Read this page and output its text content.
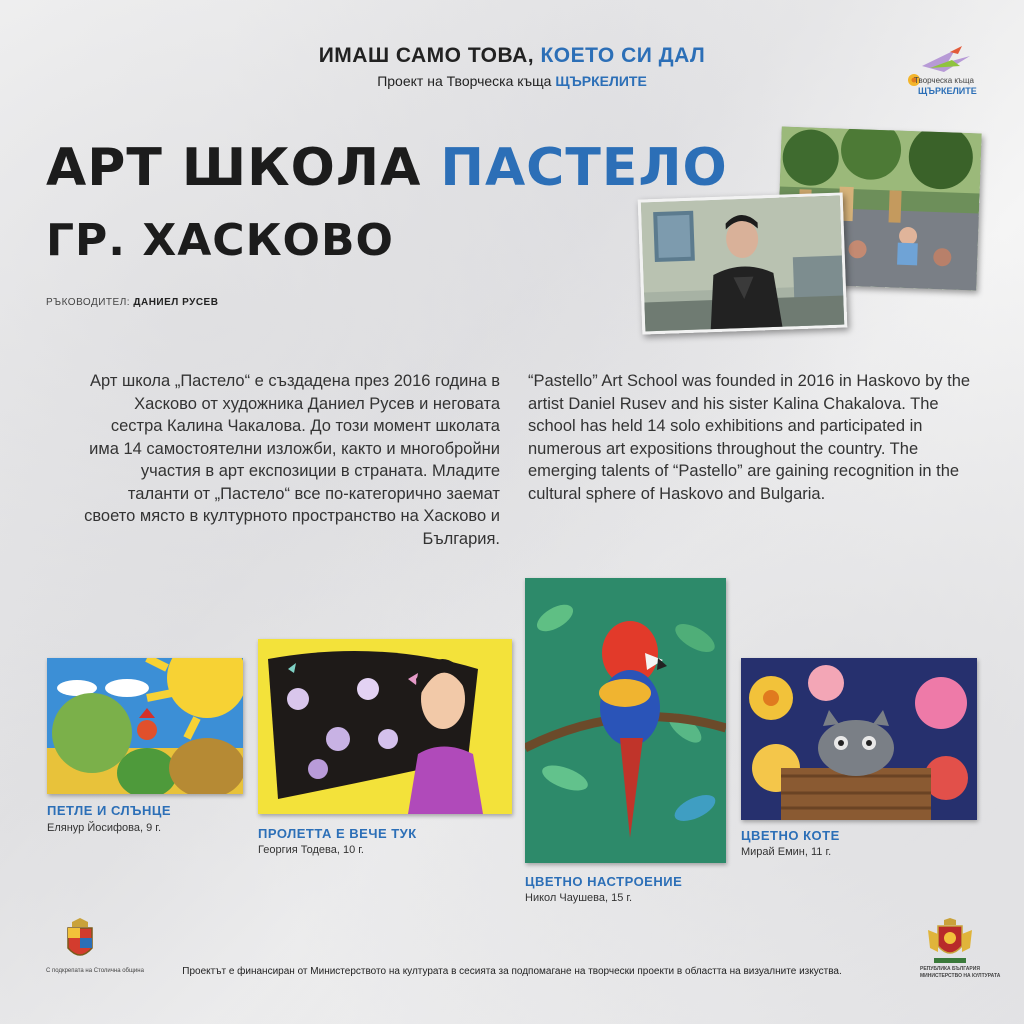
ИМАШ САМО ТОВА, КОЕТО СИ ДАЛ
Проект на Творческа къща ЩЪРКЕЛИТЕ	Творческа къща
ЩЪРКЕЛИТЕ
АРТ ШКОЛА ПАСТЕЛО
ГР. ХАСКОВО
РЪКОВОДИТЕЛ: ДАНИЕЛ РУСЕВ
Арт школа „Пастело“ е създадена през 2016 година в Хасково от художника Даниел Русев и неговата сестра Калина Чакалова. До този момент школата има 14 самостоятелни изложби, както и многобройни участия в арт експозиции в страната. Младите таланти от „Пастело“ все по-категорично заемат своето място в културното пространство на Хасково и България.
“Pastello” Art School was founded in 2016 in Haskovo by the artist Daniel Rusev and his sister Kalina Chakalova. The school has held 14 solo exhibitions and participated in numerous art expositions throughout the country. The emerging talents of “Pastello” are gaining recognition in the cultural sphere of Haskovo and Bulgaria.
ПЕТЛЕ И СЛЪНЦЕ
Елянур Йосифова, 9 г.	ПРОЛЕТТА Е ВЕЧЕ ТУК
Георгия Тодева, 10 г.
ЦВЕТНО НАСТРОЕНИЕ
Никол Чаушева, 15 г.
ЦВЕТНО КОТЕ
Мирай Емин, 11 г.
С подкрепата на Столична община	Проектът е финансиран от Министерството на културата в сесията за подпомагане на творчески проекти в областта на визуалните изкуства.	РЕПУБЛИКА БЪЛГАРИЯ
МИНИСТЕРСТВО НА КУЛТУРАТА
